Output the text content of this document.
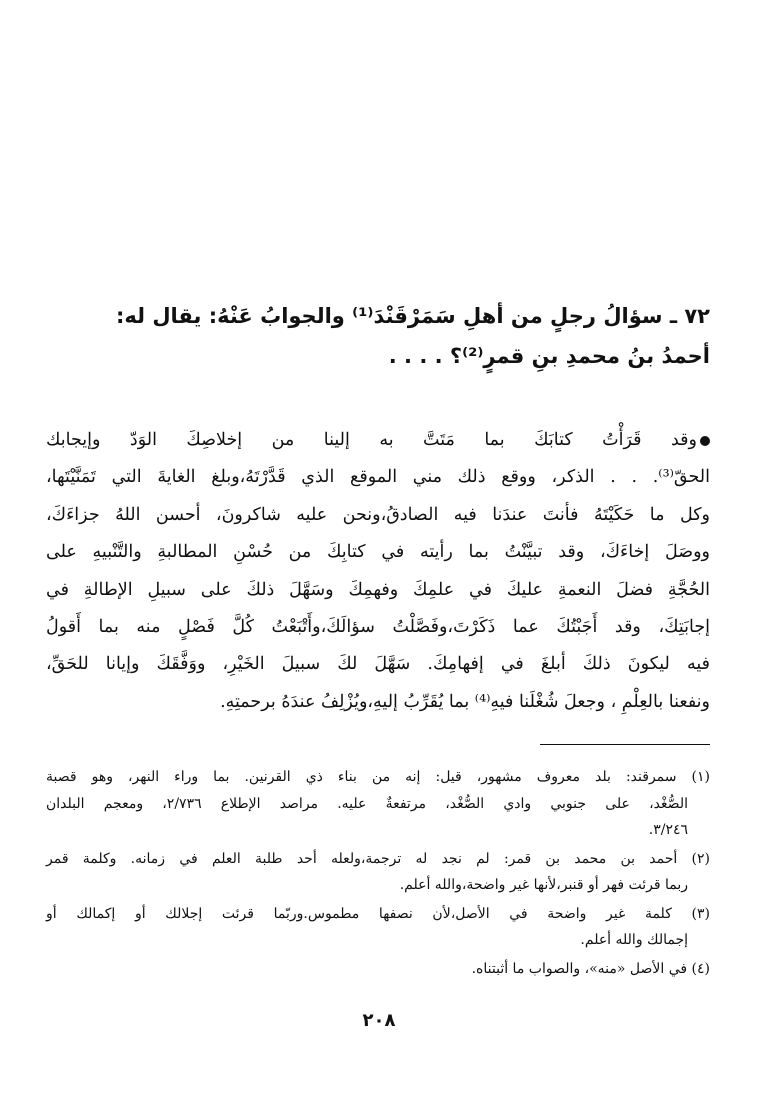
٧٢ ـ سؤالُ رجلٍ من أهلِ سَمَرْقَنْدَ⁽¹⁾ والجوابُ عَنْهُ: يقال له:
أحمدُ بنُ محمدِ بنِ قمرٍ⁽²⁾؟ . . . .
وقد قَرَأْتُ كتابَكَ بما مَتَتَّ به إلينا من إخلاصِكَ الوَدّ وإيجابك
الحقّ⁽³⁾. . . الذكر، ووقع ذلك مني الموقع الذي قَدَّرْتَهُ،وبلغ الغايةَ التي تَمَنَّيْتَها،
وكل ما حَكَيْتَهُ فأنتَ عندَنا فيه الصادقُ،ونحن عليه شاكرونَ، أحسن اللهُ جزاءَكَ،
ووصَلَ إخاءَكَ، وقد تبيَّنْتُ بما رأيته في كتابِكَ من حُسْنِ المطالبةِ والتَّنْبيهِ على
الحُجَّةِ فضلَ النعمةِ عليكَ في علمِكَ وفهمِكَ وسَهَّلَ ذلكَ على سبيلِ الإطالةِ في
إجابَتِكَ، وقد أَجَبْتُكَ عما ذَكَرْتَ،وفَصَّلْتُ سؤالَكَ،وأَتْبَعْتُ كُلَّ فَصْلٍ منه بما أَقولُ
فيه ليكونَ ذلكَ أبلغَ في إفهامِكَ. سَهَّلَ لكَ سبيلَ الخَيْرِ، ووَفَّقَكَ وإيانا للحَقِّ،
ونفعنا بالعِلْمِ ، وجعلَ شُغْلَنا فيهِ⁽⁴⁾ بما يُقَرِّبُ إليهِ،ويُزْلِفُ عندَهُ برحمتِهِ.
(١) سمرقند: بلد معروف مشهور، قيل: إنه من بناء ذي القرنين. بما وراء النهر، وهو قصبة
الصُّغْد، على جنوبي وادي الصُّغْد، مرتفعةٌ عليه. مراصد الإطلاع ٢/٧٣٦، ومعجم البلدان
٣/٢٤٦.
(٢) أحمد بن محمد بن قمر: لم نجد له ترجمة،ولعله أحد طلبة العلم في زمانه. وكلمة قمر
ربما قرئت فهر أو قنبر،لأنها غير واضحة،والله أعلم.
(٣) كلمة غير واضحة في الأصل،لأن نصفها مطموس.وربّما قرئت إجلالك أو إكمالك أو
إجمالك والله أعلم.
(٤) في الأصل «منه»، والصواب ما أثبتناه.
٢٠٨
